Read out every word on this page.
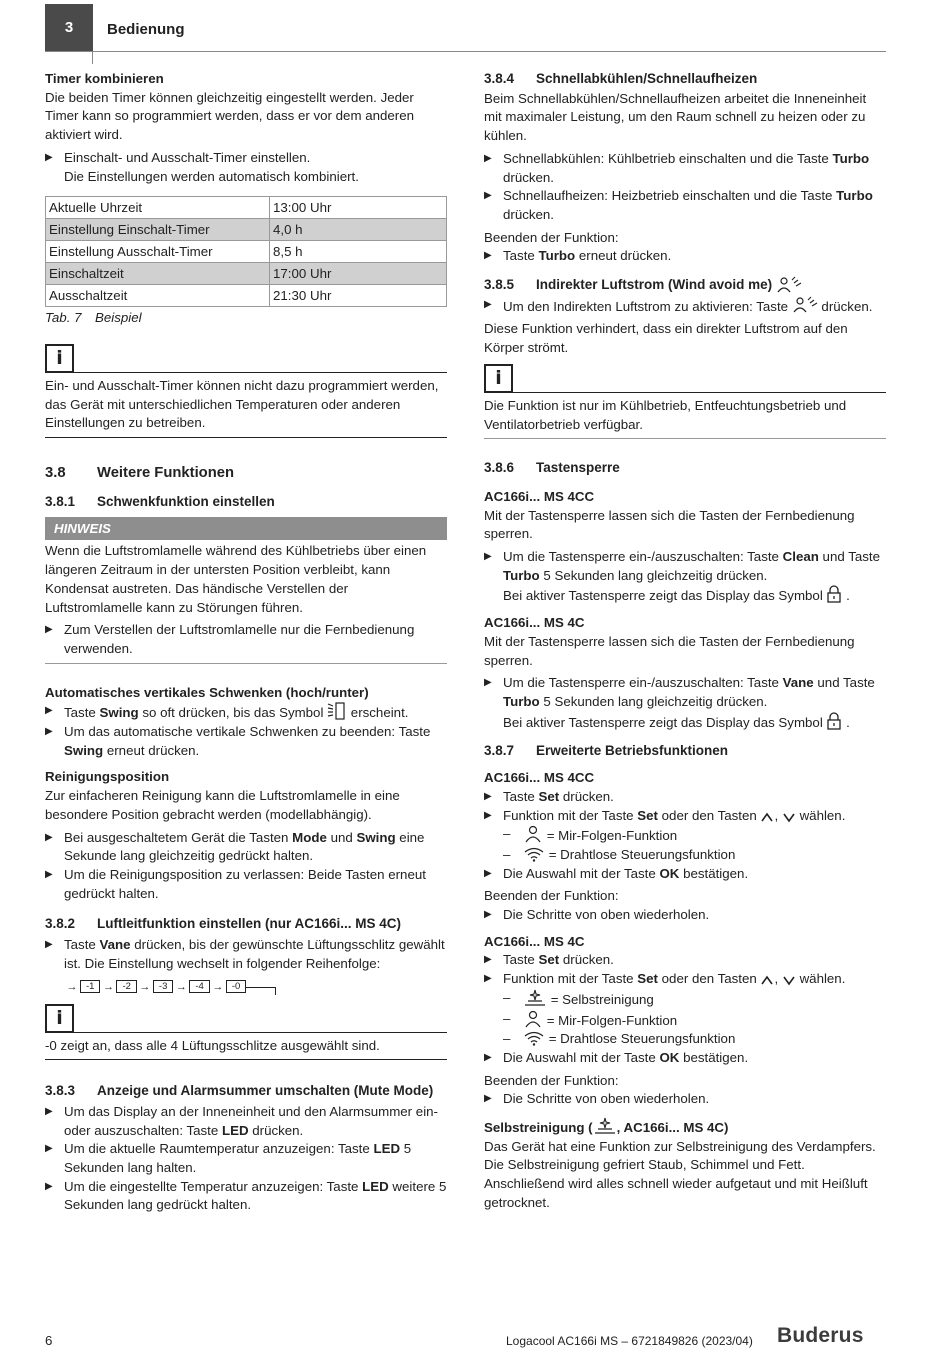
3	Bedienung

Timer kombinieren

Die beiden Timer können gleichzeitig eingestellt werden. Jeder Timer kann so programmiert werden, dass er vor dem anderen aktiviert wird.

▶ Einschalt- und Ausschalt-Timer einstellen.

Die Einstellungen werden automatisch kombiniert.

Aktuelle Uhrzeit	13:00 Uhr
Einstellung Einschalt-Timer	4,0 h
Einstellung Ausschalt-Timer	8,5 h
Einschaltzeit	17:00 Uhr
Ausschaltzeit	21:30 Uhr

Tab. 7 Beispiel

i
Ein- und Ausschalt-Timer können nicht dazu programmiert werden, das Gerät mit unterschiedlichen Temperaturen oder anderen Einstellungen zu betreiben.
3.8	Weitere Funktionen
3.8.1	Schwenkfunktion einstellen
HINWEIS

Wenn die Luftstromlamelle während des Kühlbetriebs über einen längeren Zeitraum in der untersten Position verbleibt, kann Kondensat austreten. Das händische Verstellen der Luftstromlamelle kann zu Störungen führen.

▶ Zum Verstellen der Luftstromlamelle nur die Fernbedienung verwenden.

Automatisches vertikales Schwenken (hoch/runter)

▶ Taste Swing so oft drücken, bis das Symbol  erscheint.
▶ Um das automatische vertikale Schwenken zu beenden: Taste Swing erneut drücken.

Reinigungsposition

Zur einfacheren Reinigung kann die Luftstromlamelle in eine besondere Position gebracht werden (modellabhängig).

▶ Bei ausgeschaltetem Gerät die Tasten Mode und Swing eine Sekunde lang gleichzeitig gedrückt halten.
▶ Um die Reinigungsposition zu verlassen: Beide Tasten erneut gedrückt halten.
3.8.2	Luftleitfunktion einstellen (nur AC166i... MS 4C)
▶ Taste Vane drücken, bis der gewünschte Lüftungsschlitz gewählt ist. Die Einstellung wechselt in folgender Reihenfolge:
→ -1 → -2 → -3 → -4 → -0
i
-0 zeigt an, dass alle 4 Lüftungsschlitze ausgewählt sind.
3.8.3	Anzeige und Alarmsummer umschalten (Mute Mode)
▶ Um das Display an der Inneneinheit und den Alarmsummer ein- oder auszuschalten: Taste LED drücken.
▶ Um die aktuelle Raumtemperatur anzuzeigen: Taste LED 5 Sekunden lang halten.
▶ Um die eingestellte Temperatur anzuzeigen: Taste LED weitere 5 Sekunden lang gedrückt halten.
3.8.4	Schnellabkühlen/Schnellaufheizen

Beim Schnellabkühlen/Schnellaufheizen arbeitet die Inneneinheit mit maximaler Leistung, um den Raum schnell zu heizen oder zu kühlen.

▶ Schnellabkühlen: Kühlbetrieb einschalten und die Taste Turbo drücken.
▶ Schnellaufheizen: Heizbetrieb einschalten und die Taste Turbo drücken.

Beenden der Funktion:

▶ Taste Turbo erneut drücken.
3.8.5	Indirekter Luftstrom (Wind avoid me)

▶ Um den Indirekten Luftstrom zu aktivieren: Taste  drücken.

Diese Funktion verhindert, dass ein direkter Luftstrom auf den Körper strömt.

i
Die Funktion ist nur im Kühlbetrieb, Entfeuchtungsbetrieb und Ventilatorbetrieb verfügbar.
3.8.6	Tastensperre

AC166i... MS 4CC

Mit der Tastensperre lassen sich die Tasten der Fernbedienung sperren.

▶ Um die Tastensperre ein-/auszuschalten: Taste Clean und Taste Turbo 5 Sekunden lang gleichzeitig drücken.

Bei aktiver Tastensperre zeigt das Display das Symbol  .

AC166i... MS 4C

Mit der Tastensperre lassen sich die Tasten der Fernbedienung sperren.

▶ Um die Tastensperre ein-/auszuschalten: Taste Vane und Taste Turbo 5 Sekunden lang gleichzeitig drücken.

Bei aktiver Tastensperre zeigt das Display das Symbol  .

3.8.7	Erweiterte Betriebsfunktionen

AC166i... MS 4CC

▶ Taste Set drücken.
▶ Funktion mit der Taste Set oder den Tasten ,  wählen.
–	= Mir-Folgen-Funktion
–	= Drahtlose Steuerungsfunktion
▶ Die Auswahl mit der Taste OK bestätigen.

Beenden der Funktion:

▶ Die Schritte von oben wiederholen.

AC166i... MS 4C

▶ Taste Set drücken.
▶ Funktion mit der Taste Set oder den Tasten ,  wählen.
–	= Selbstreinigung
–	= Mir-Folgen-Funktion
–	= Drahtlose Steuerungsfunktion
▶ Die Auswahl mit der Taste OK bestätigen.

Beenden der Funktion:

▶ Die Schritte von oben wiederholen.

Selbstreinigung ( , AC166i... MS 4C)

Das Gerät hat eine Funktion zur Selbstreinigung des Verdampfers. Die Selbstreinigung gefriert Staub, Schimmel und Fett. Anschließend wird alles schnell wieder aufgetaut und mit Heißluft getrocknet.

6	Logacool AC166i MS – 6721849826 (2023/04) Buderus
